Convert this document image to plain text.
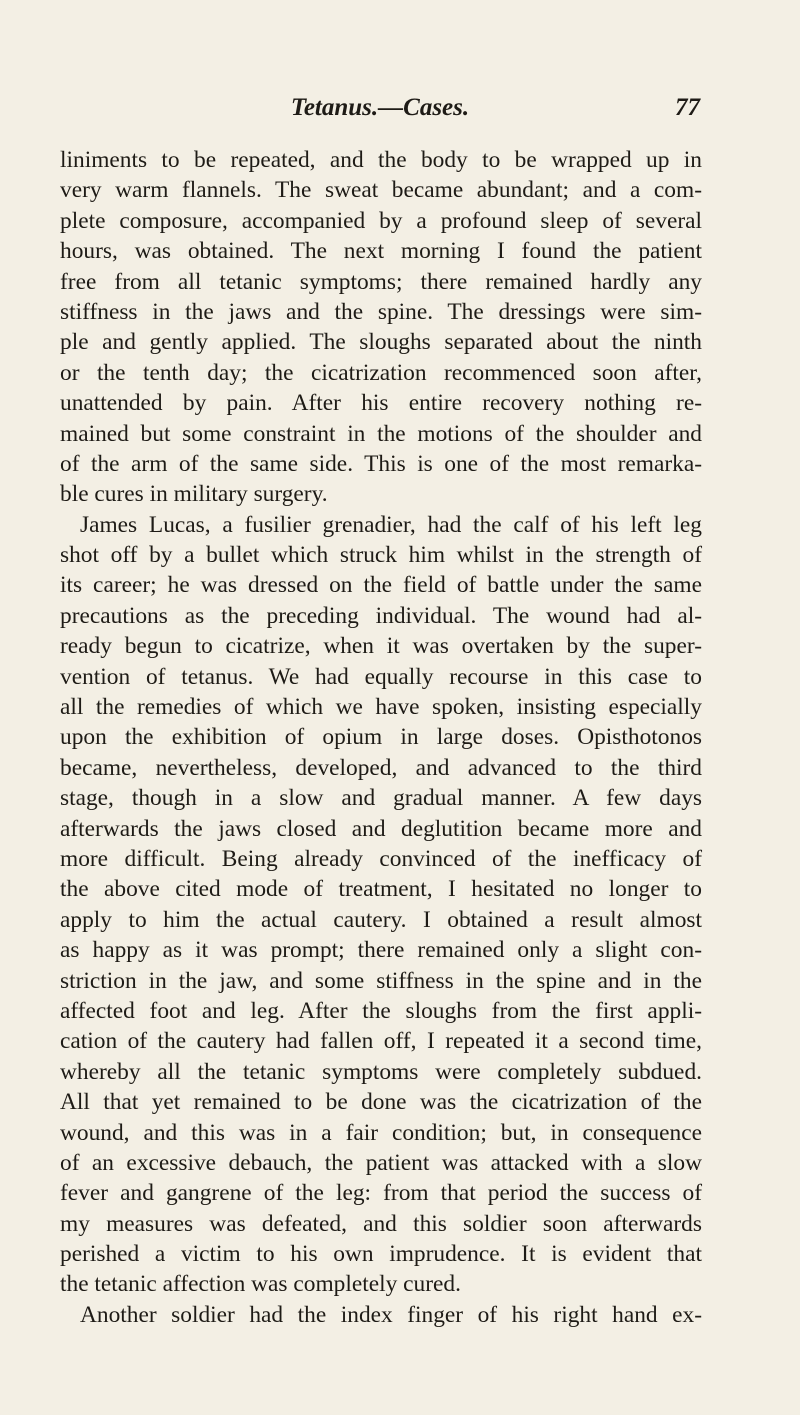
Tetanus.—Cases.	77
liniments to be repeated, and the body to be wrapped up in
very warm flannels. The sweat became abundant; and a com-
plete composure, accompanied by a profound sleep of several
hours, was obtained. The next morning I found the patient
free from all tetanic symptoms; there remained hardly any
stiffness in the jaws and the spine. The dressings were sim-
ple and gently applied. The sloughs separated about the ninth
or the tenth day; the cicatrization recommenced soon after,
unattended by pain. After his entire recovery nothing re-
mained but some constraint in the motions of the shoulder and
of the arm of the same side. This is one of the most remarka-
ble cures in military surgery.
James Lucas, a fusilier grenadier, had the calf of his left leg
shot off by a bullet which struck him whilst in the strength of
its career; he was dressed on the field of battle under the same
precautions as the preceding individual. The wound had al-
ready begun to cicatrize, when it was overtaken by the super-
vention of tetanus. We had equally recourse in this case to
all the remedies of which we have spoken, insisting especially
upon the exhibition of opium in large doses. Opisthotonos
became, nevertheless, developed, and advanced to the third
stage, though in a slow and gradual manner. A few days
afterwards the jaws closed and deglutition became more and
more difficult. Being already convinced of the inefficacy of
the above cited mode of treatment, I hesitated no longer to
apply to him the actual cautery. I obtained a result almost
as happy as it was prompt; there remained only a slight con-
striction in the jaw, and some stiffness in the spine and in the
affected foot and leg. After the sloughs from the first appli-
cation of the cautery had fallen off, I repeated it a second time,
whereby all the tetanic symptoms were completely subdued.
All that yet remained to be done was the cicatrization of the
wound, and this was in a fair condition; but, in consequence
of an excessive debauch, the patient was attacked with a slow
fever and gangrene of the leg: from that period the success of
my measures was defeated, and this soldier soon afterwards
perished a victim to his own imprudence. It is evident that
the tetanic affection was completely cured.
Another soldier had the index finger of his right hand ex-
